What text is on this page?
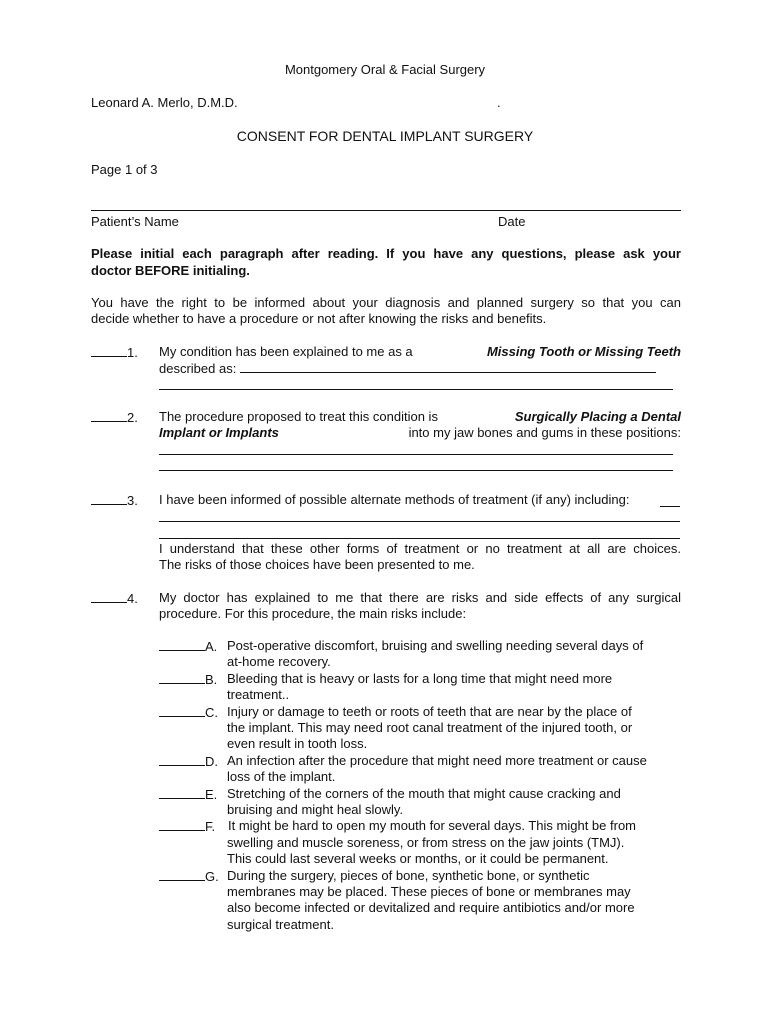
Montgomery Oral & Facial Surgery
Leonard A. Merlo, D.M.D.	.
CONSENT FOR DENTAL IMPLANT SURGERY
Page 1 of 3
Patient’s Name	Date
Please initial each paragraph after reading. If you have any questions, please ask your
doctor BEFORE initialing.
You have the right to be informed about your diagnosis and planned surgery so that you can
decide whether to have a procedure or not after knowing the risks and benefits.
1. My condition has been explained to me as a	Missing Tooth or Missing Teeth
described as:
2. The procedure proposed to treat this condition is	Surgically Placing a Dental
Implant or Implants	into my jaw bones and gums in these positions:
3. I have been informed of possible alternate methods of treatment (if any) including:
I understand that these other forms of treatment or no treatment at all are choices.
The risks of those choices have been presented to me.
4. My doctor has explained to me that there are risks and side effects of any surgical
procedure. For this procedure, the main risks include:
A. Post-operative discomfort, bruising and swelling needing several days of
at-home recovery.
B. Bleeding that is heavy or lasts for a long time that might need more
treatment..
C. Injury or damage to teeth or roots of teeth that are near by the place of
the implant. This may need root canal treatment of the injured tooth, or
even result in tooth loss.
D. An infection after the procedure that might need more treatment or cause
loss of the implant.
E. Stretching of the corners of the mouth that might cause cracking and
bruising and might heal slowly.
F. It might be hard to open my mouth for several days. This might be from
swelling and muscle soreness, or from stress on the jaw joints (TMJ).
This could last several weeks or months, or it could be permanent.
G. During the surgery, pieces of bone, synthetic bone, or synthetic
membranes may be placed. These pieces of bone or membranes may
also become infected or devitalized and require antibiotics and/or more
surgical treatment.
